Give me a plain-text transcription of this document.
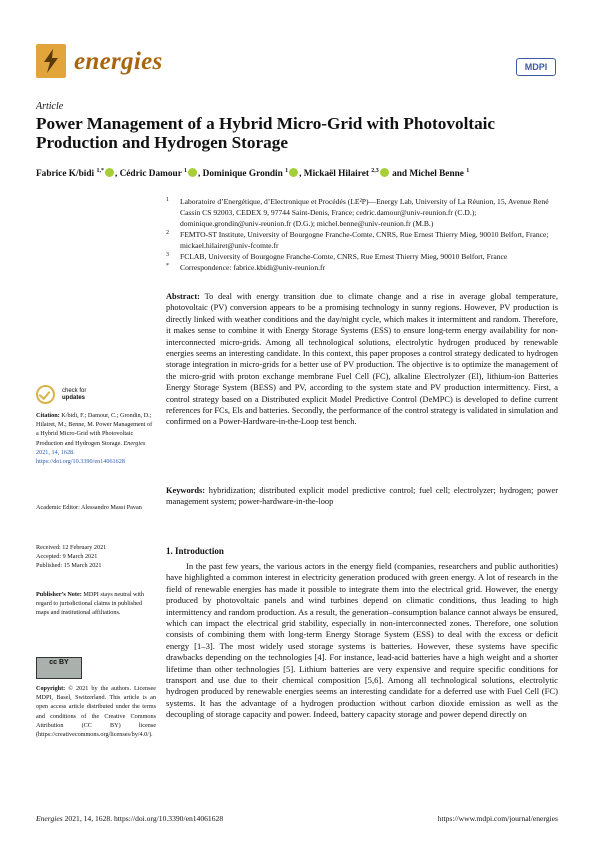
energies	MDPI
Article
Power Management of a Hybrid Micro-Grid with Photovoltaic Production and Hydrogen Storage
Fabrice K/bidi $^{1,*}$ , Cédric Damour $^1$ , Dominique Grondin $^1$ , Mickaël Hilairet $^{2,3}$ and Michel Benne $^1$
1 Laboratoire d’Energétique, d’Electronique et Procédés (LE²P)—Energy Lab, University of La Réunion, 15, Avenue René Cassin CS 92003, CEDEX 9, 97744 Saint-Denis, France; cedric.damour@univ-reunion.fr (C.D.); dominique.grondin@univ-reunion.fr (D.G.); michel.benne@univ-reunion.fr (M.B.)
2 FEMTO-ST Institute, University of Bourgogne Franche-Comte, CNRS, Rue Ernest Thierry Mieg, 90010 Belfort, France; mickael.hilairet@univ-fcomte.fr
3 FCLAB, University of Bourgogne Franche-Comte, CNRS, Rue Ernest Thierry Mieg, 90010 Belfort, France
* Correspondence: fabrice.kbidi@univ-reunion.fr
Abstract: To deal with energy transition due to climate change and a rise in average global temperature, photovoltaic (PV) conversion appears to be a promising technology in sunny regions. However, PV production is directly linked with weather conditions and the day/night cycle, which makes it intermittent and random. Therefore, it makes sense to combine it with Energy Storage Systems (ESS) to ensure long-term energy availability for non-interconnected micro-grids. Among all technological solutions, electrolytic hydrogen produced by renewable energies seems an interesting candidate. In this context, this paper proposes a control strategy dedicated to hydrogen storage integration in micro-grids for a better use of PV production. The objective is to optimize the management of the micro-grid with proton exchange membrane Fuel Cell (FC), alkaline Electrolyzer (El), lithium-ion Batteries Energy Storage System (BESS) and PV, according to the system state and PV production intermittency. First, a control strategy based on a Distributed explicit Model Predictive Control (DeMPC) is developed to define current references for FCs, Els and batteries. Secondly, the performance of the control strategy is validated in simulation and confirmed on a Power-Hardware-in-the-Loop test bench.
Keywords: hybridization; distributed explicit model predictive control; fuel cell; electrolyzer; hydrogen; power management system; power-hardware-in-the-loop
check for
updates
Citation: K/bidi, F.; Damour, C.; Grondin, D.; Hilairet, M.; Benne, M. Power Management of a Hybrid Micro-Grid with Photovoltaic Production and Hydrogen Storage. Energies 2021, 14, 1628. https://doi.org/10.3390/en14061628
Academic Editor: Alessandro Massi Pavan
Received: 12 February 2021
Accepted: 9 March 2021
Published: 15 March 2021
Publisher’s Note: MDPI stays neutral with regard to jurisdictional claims in published maps and institutional affiliations.
cc BY
Copyright: © 2021 by the authors. Licensee MDPI, Basel, Switzerland. This article is an open access article distributed under the terms and conditions of the Creative Commons Attribution (CC BY) license (https://creativecommons.org/licenses/by/4.0/).
1. Introduction

In the past few years, the various actors in the energy field (companies, researchers and public authorities) have highlighted a common interest in electricity generation produced with green energy. A lot of research in the field of renewable energies has made it possible to integrate them into the electrical grid. However, the energy produced by photovoltaic panels and wind turbines depend on climatic conditions, thus leading to high intermittency and random production. As a result, the generation–consumption balance cannot always be ensured, which can impact the electrical grid stability, especially in non-interconnected zones. Therefore, one solution consists of combining them with long-term Energy Storage System (ESS) to deal with the excess or deficit energy [1–3]. The most widely used storage systems is batteries. However, these systems have specific drawbacks depending on the technologies [4]. For instance, lead-acid batteries have a high weight and a shorter lifetime than other technologies [5]. Lithium batteries are very expensive and require specific conditions for transport and use due to their chemical composition [5,6]. Among all technological solutions, electrolytic hydrogen produced by renewable energies seems an interesting candidate for a deferred use with Fuel Cell (FC) systems. It has the advantage of a hydrogen production without carbon dioxide emission as well as the decoupling of storage capacity and power. Indeed, battery capacity storage and power depend directly on

Energies 2021, 14, 1628. https://doi.org/10.3390/en14061628	https://www.mdpi.com/journal/energies
